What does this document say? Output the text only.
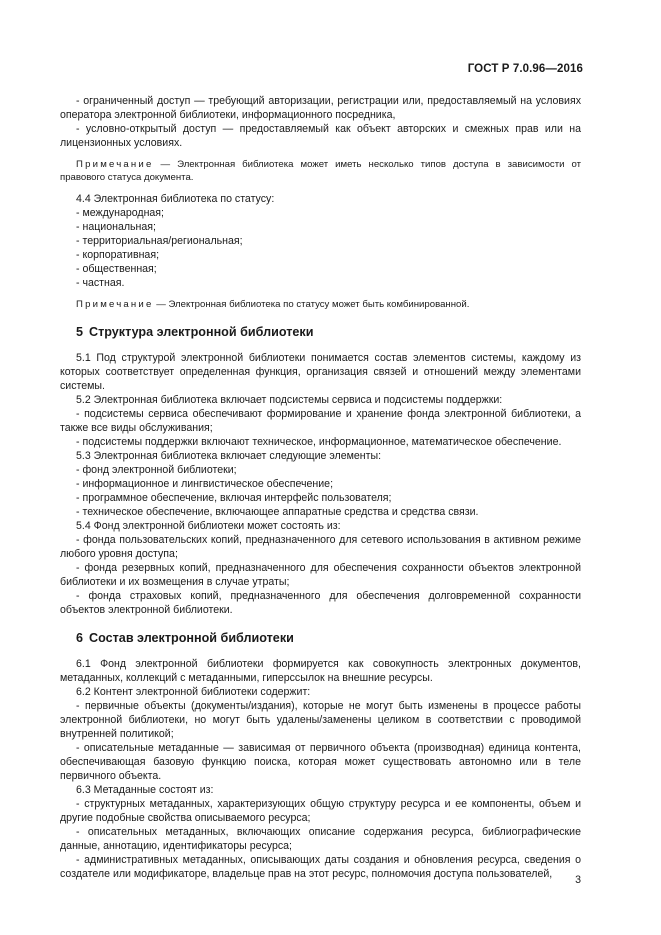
ГОСТ Р 7.0.96—2016

- ограниченный доступ — требующий авторизации, регистрации или, предоставляемый на условиях оператора электронной библиотеки, информационного посредника,

- условно-открытый доступ — предоставляемый как объект авторских и смежных прав или на лицензионных условиях.

Примечание — Электронная библиотека может иметь несколько типов доступа в зависимости от правового статуса документа.

4.4 Электронная библиотека по статусу:

- международная;

- национальная;

- территориальная/региональная;

- корпоративная;

- общественная;

- частная.

Примечание — Электронная библиотека по статусу может быть комбинированной.

5 Структура электронной библиотеки

5.1 Под структурой электронной библиотеки понимается состав элементов системы, каждому из которых соответствует определенная функция, организация связей и отношений между элементами системы.

5.2 Электронная библиотека включает подсистемы сервиса и подсистемы поддержки:

- подсистемы сервиса обеспечивают формирование и хранение фонда электронной библиотеки, а также все виды обслуживания;

- подсистемы поддержки включают техническое, информационное, математическое обеспечение.

5.3 Электронная библиотека включает следующие элементы:

- фонд электронной библиотеки;

- информационное и лингвистическое обеспечение;

- программное обеспечение, включая интерфейс пользователя;

- техническое обеспечение, включающее аппаратные средства и средства связи.

5.4 Фонд электронной библиотеки может состоять из:

- фонда пользовательских копий, предназначенного для сетевого использования в активном режиме любого уровня доступа;

- фонда резервных копий, предназначенного для обеспечения сохранности объектов электронной библиотеки и их возмещения в случае утраты;

- фонда страховых копий, предназначенного для обеспечения долговременной сохранности объектов электронной библиотеки.

6 Состав электронной библиотеки

6.1 Фонд электронной библиотеки формируется как совокупность электронных документов, метаданных, коллекций с метаданными, гиперссылок на внешние ресурсы.

6.2 Контент электронной библиотеки содержит:

- первичные объекты (документы/издания), которые не могут быть изменены в процессе работы электронной библиотеки, но могут быть удалены/заменены целиком в соответствии с проводимой внутренней политикой;

- описательные метаданные — зависимая от первичного объекта (производная) единица контента, обеспечивающая базовую функцию поиска, которая может существовать автономно или в теле первичного объекта.

6.3 Метаданные состоят из:

- структурных метаданных, характеризующих общую структуру ресурса и ее компоненты, объем и другие подобные свойства описываемого ресурса;

- описательных метаданных, включающих описание содержания ресурса, библиографические данные, аннотацию, идентификаторы ресурса;

- административных метаданных, описывающих даты создания и обновления ресурса, сведения о создателе или модификаторе, владельце прав на этот ресурс, полномочия доступа пользователей,	3
